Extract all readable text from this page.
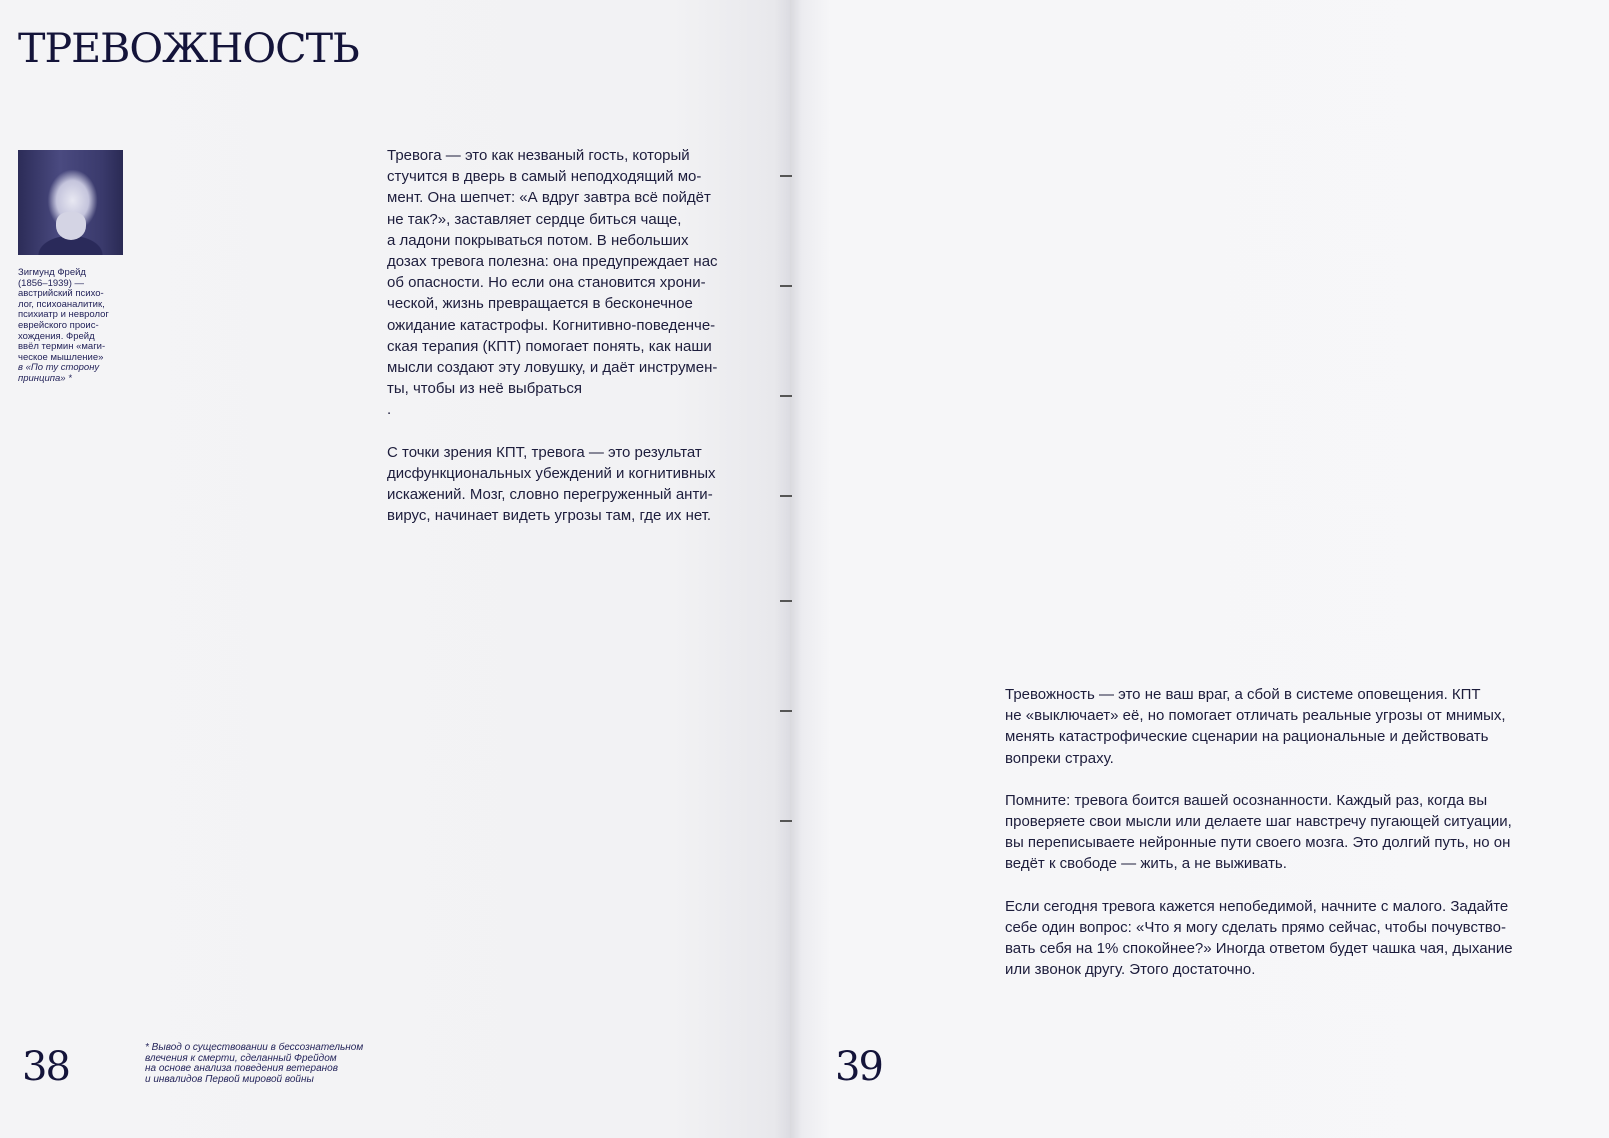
ТРЕВОЖНОСТЬ
Зигмунд Фрейд
(1856–1939) —
австрийский психо-
лог, психоаналитик,
психиатр и невролог
еврейского проис-
хождения. Фрейд
ввёл термин «маги-
ческое мышление»
в «По ту сторону
принципа» *
Тревога — это как незваный гость, который
стучится в дверь в самый неподходящий мо-
мент. Она шепчет: «А вдруг завтра всё пойдёт
не так?», заставляет сердце биться чаще,
а ладони покрываться потом. В небольших
дозах тревога полезна: она предупреждает нас
об опасности. Но если она становится хрони-
ческой, жизнь превращается в бесконечное
ожидание катастрофы. Когнитивно-поведенче-
ская терапия (КПТ) помогает понять, как наши
мысли создают эту ловушку, и даёт инструмен-
ты, чтобы из неё выбраться
.
С точки зрения КПТ, тревога — это результат
дисфункциональных убеждений и когнитивных
искажений. Мозг, словно перегруженный анти-
вирус, начинает видеть угрозы там, где их нет.
38	* Вывод о существовании в бессознательном
влечения к смерти, сделанный Фрейдом
на основе анализа поведения ветеранов
и инвалидов Первой мировой войны	39
Тревожность — это не ваш враг, а сбой в системе оповещения. КПТ
не «выключает» её, но помогает отличать реальные угрозы от мнимых,
менять катастрофические сценарии на рациональные и действовать
вопреки страху.
Помните: тревога боится вашей осознанности. Каждый раз, когда вы
проверяете свои мысли или делаете шаг навстречу пугающей ситуации,
вы переписываете нейронные пути своего мозга. Это долгий путь, но он
ведёт к свободе — жить, а не выживать.
Если сегодня тревога кажется непобедимой, начните с малого. Задайте
себе один вопрос: «Что я могу сделать прямо сейчас, чтобы почувство-
вать себя на 1% спокойнее?» Иногда ответом будет чашка чая, дыхание
или звонок другу. Этого достаточно.
